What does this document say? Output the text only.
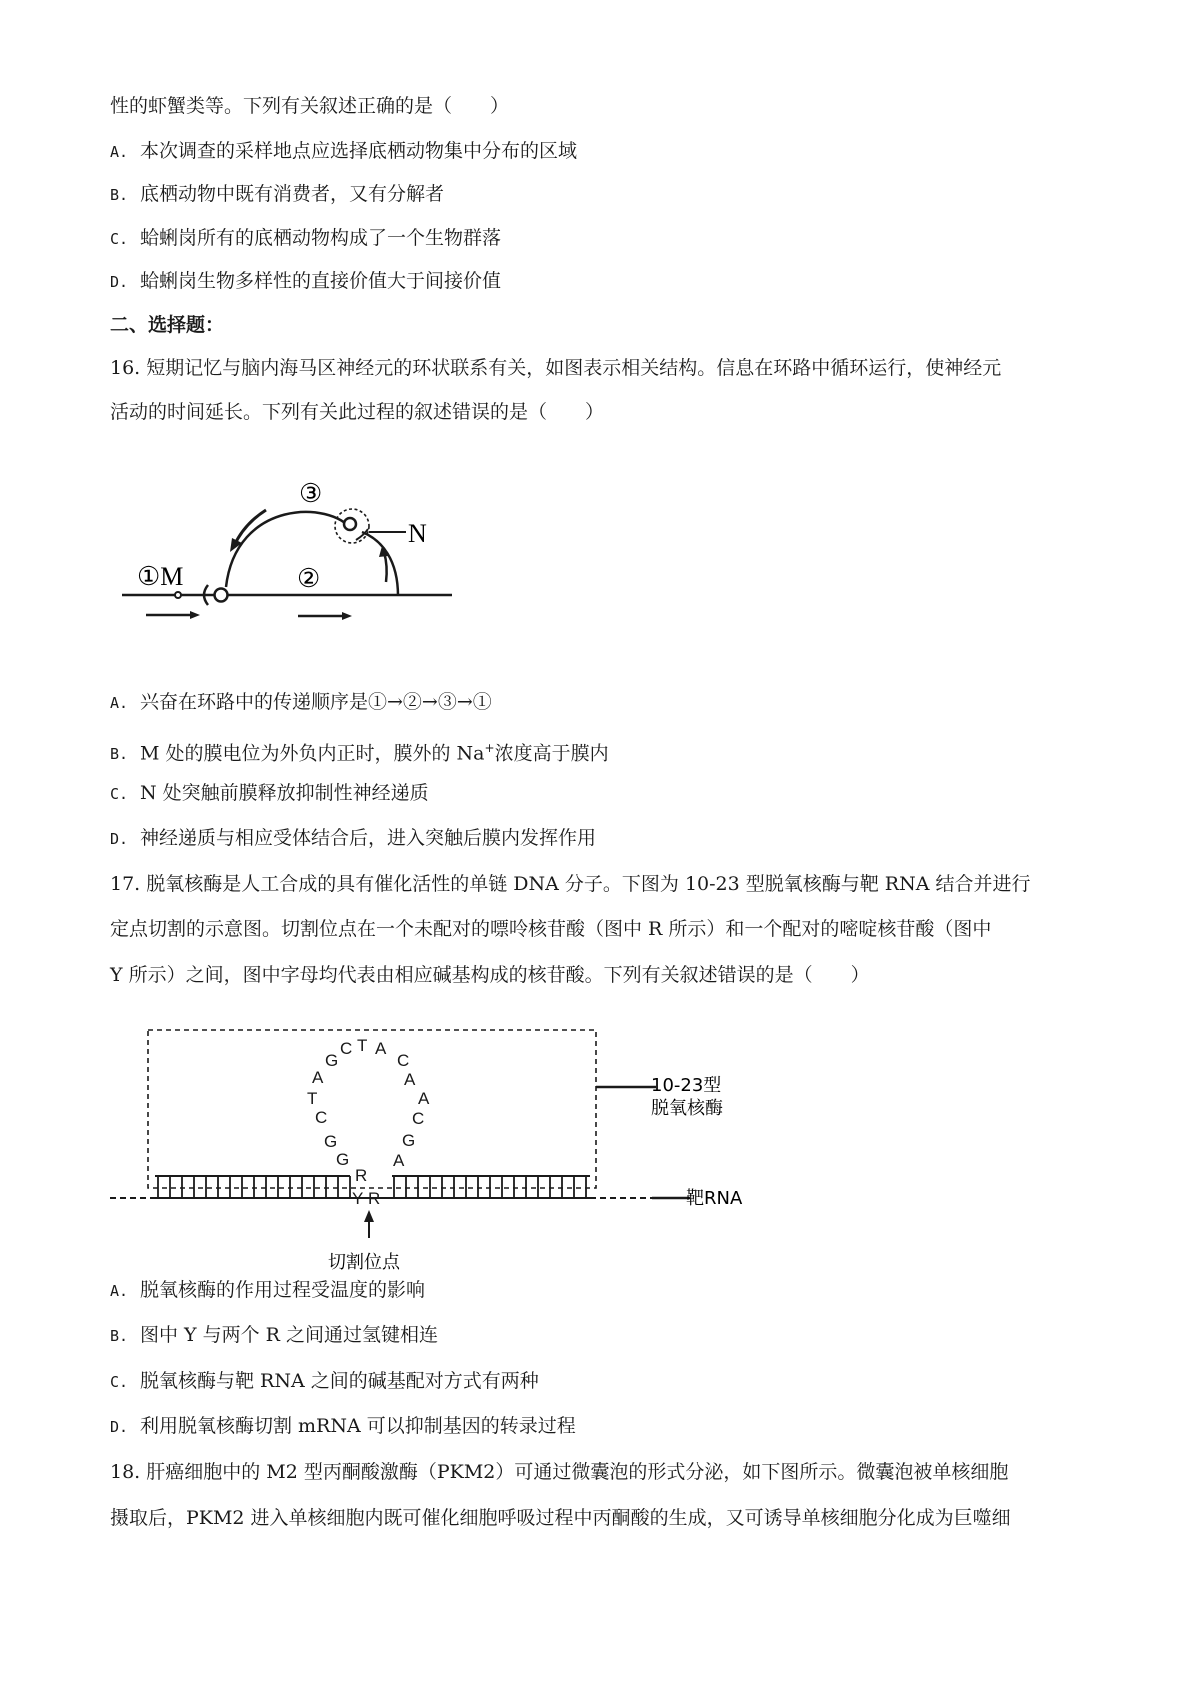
性的虾蟹类等。下列有关叙述正确的是（　　）
A. 本次调查的采样地点应选择底栖动物集中分布的区域
B. 底栖动物中既有消费者，又有分解者
C. 蛤蜊岗所有的底栖动物构成了一个生物群落
D. 蛤蜊岗生物多样性的直接价值大于间接价值
二、选择题：
16. 短期记忆与脑内海马区神经元的环状联系有关，如图表示相关结构。信息在环路中循环运行，使神经元
活动的时间延长。下列有关此过程的叙述错误的是（　　）
①M	②
③
N
A. 兴奋在环路中的传递顺序是①→②→③→①
B. M 处的膜电位为外负内正时，膜外的 Na+浓度高于膜内
C. N 处突触前膜释放抑制性神经递质
D. 神经递质与相应受体结合后，进入突触后膜内发挥作用
17. 脱氧核酶是人工合成的具有催化活性的单链 DNA 分子。下图为 10-23 型脱氧核酶与靶 RNA 结合并进行
定点切割的示意图。切割位点在一个未配对的嘌呤核苷酸（图中 R 所示）和一个配对的嘧啶核苷酸（图中
Y 所示）之间，图中字母均代表由相应碱基构成的核苷酸。下列有关叙述错误的是（　　）
10-23型
脱氧核酶
靶RNA
A
G
C T A
C
A
A
T
C
G
G
C
G
A
R
Y R
切割位点
A. 脱氧核酶的作用过程受温度的影响
B. 图中 Y 与两个 R 之间通过氢键相连
C. 脱氧核酶与靶 RNA 之间的碱基配对方式有两种
D. 利用脱氧核酶切割 mRNA 可以抑制基因的转录过程
18. 肝癌细胞中的 M2 型丙酮酸激酶（PKM2）可通过微囊泡的形式分泌，如下图所示。微囊泡被单核细胞
摄取后，PKM2 进入单核细胞内既可催化细胞呼吸过程中丙酮酸的生成，又可诱导单核细胞分化成为巨噬细
